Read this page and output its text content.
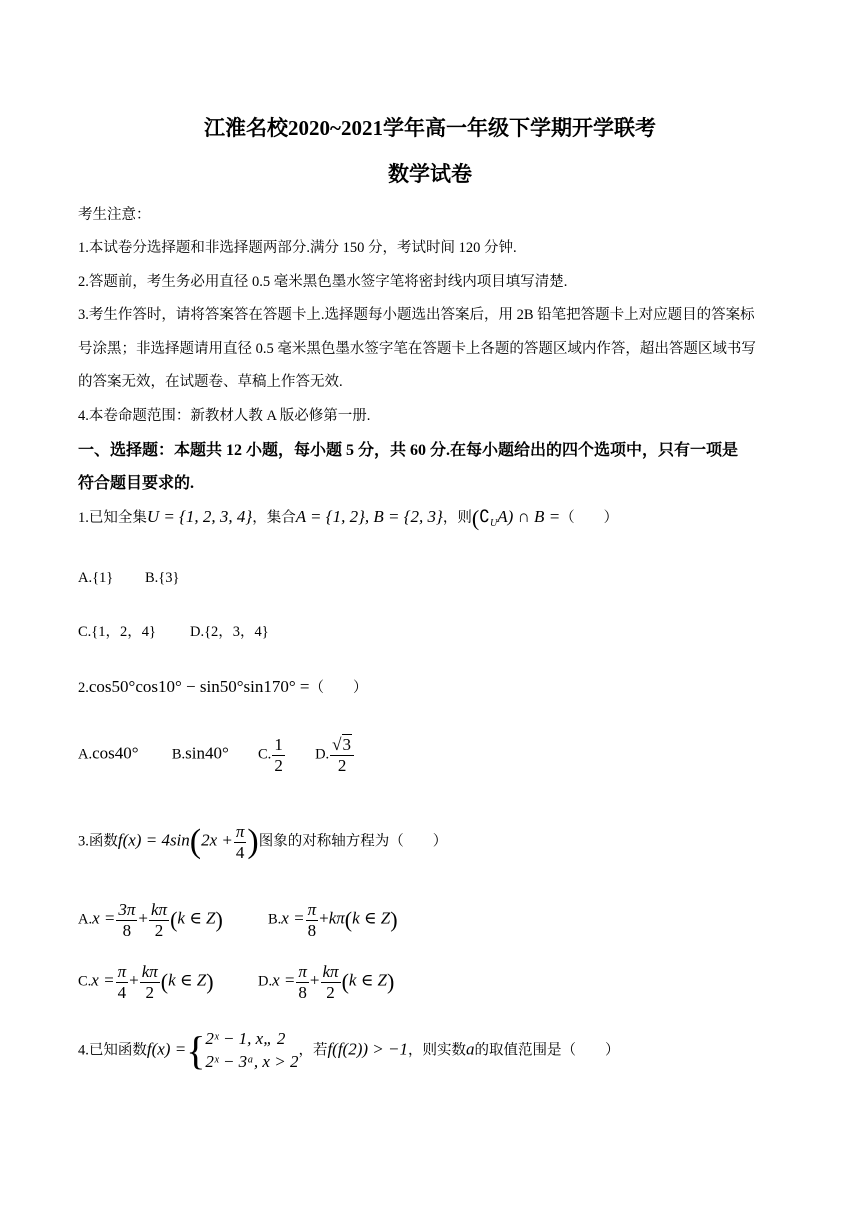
江淮名校2020~2021学年高一年级下学期开学联考
数学试卷
考生注意：
1.本试卷分选择题和非选择题两部分.满分 150 分，考试时间 120 分钟.
2.答题前，考生务必用直径 0.5 毫米黑色墨水签字笔将密封线内项目填写清楚.
3.考生作答时，请将答案答在答题卡上.选择题每小题选出答案后，用 2B 铅笔把答题卡上对应题目的答案标
号涂黑；非选择题请用直径 0.5 毫米黑色墨水签字笔在答题卡上各题的答题区域内作答，超出答题区域书写
的答案无效，在试题卷、草稿上作答无效.
4.本卷命题范围：新教材人教 A 版必修第一册.
一、选择题：本题共 12 小题，每小题 5 分，共 60 分.在每小题给出的四个选项中，只有一项是
符合题目要求的.
1.已知全集U = {1, 2, 3, 4}，集合A = {1, 2}, B = {2, 3}，则$(∁_UA)$ ∩ B =（　　）
A.{1} B.{3}
C.{1，2，4} D.{2，3，4}
2.cos50°cos10° − sin50°sin170° =（　　）
A.cos40° B.sin40° C. $\frac{1}{2} D$. $\frac{√3}{2}$
3.函数$f(x) = 4\sin(2x + \frac{\pi}{4}$ )图象的对称轴方程为（　　）
$A.x = \frac{3\pi}{8} + \frac{k\pi}{2} (k$ ∈ Z)	$B.x = \frac{\pi}{8} +k\pi(k$ ∈ Z)
$C.x = \frac{\pi}{4} + \frac{k\pi}{2} (k$ ∈ Z)	$D.x = \frac{\pi}{8} + \frac{k\pi}{2} (k$ ∈ Z)
4.已知函数f(x) ={ 2ˣ − 1, x„ 2
2ˣ − 3ᵃ, x > 2
，若f(f(2)) > −1，则实数a的取值范围是（　　）
